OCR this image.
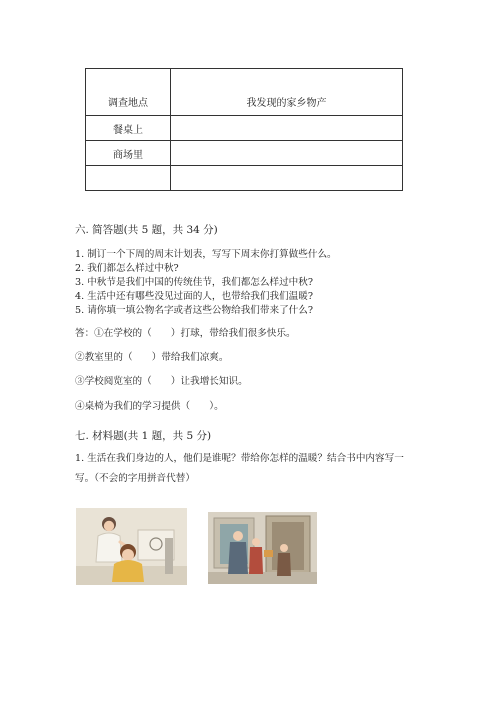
调查地点	我发现的家乡物产
餐桌上	
商场里	

六. 简答题(共 5 题，共 34 分)
1. 制订一个下周的周末计划表，写写下周末你打算做些什么。
2. 我们都怎么样过中秋?
3. 中秋节是我们中国的传统佳节，我们都怎么样过中秋?
4. 生活中还有哪些没见过面的人，也带给我们我们温暖?
5. 请你填一填公物名字或者这些公物给我们带来了什么?
答：①在学校的（　　）打球，带给我们很多快乐。
②教室里的（　　）带给我们凉爽。
③学校阅览室的（　　）让我增长知识。
④桌椅为我们的学习提供（　　）。
七. 材料题(共 1 题，共 5 分)
1. 生活在我们身边的人，他们是谁呢？带给你怎样的温暖？结合书中内容写一
写。（不会的字用拼音代替）
